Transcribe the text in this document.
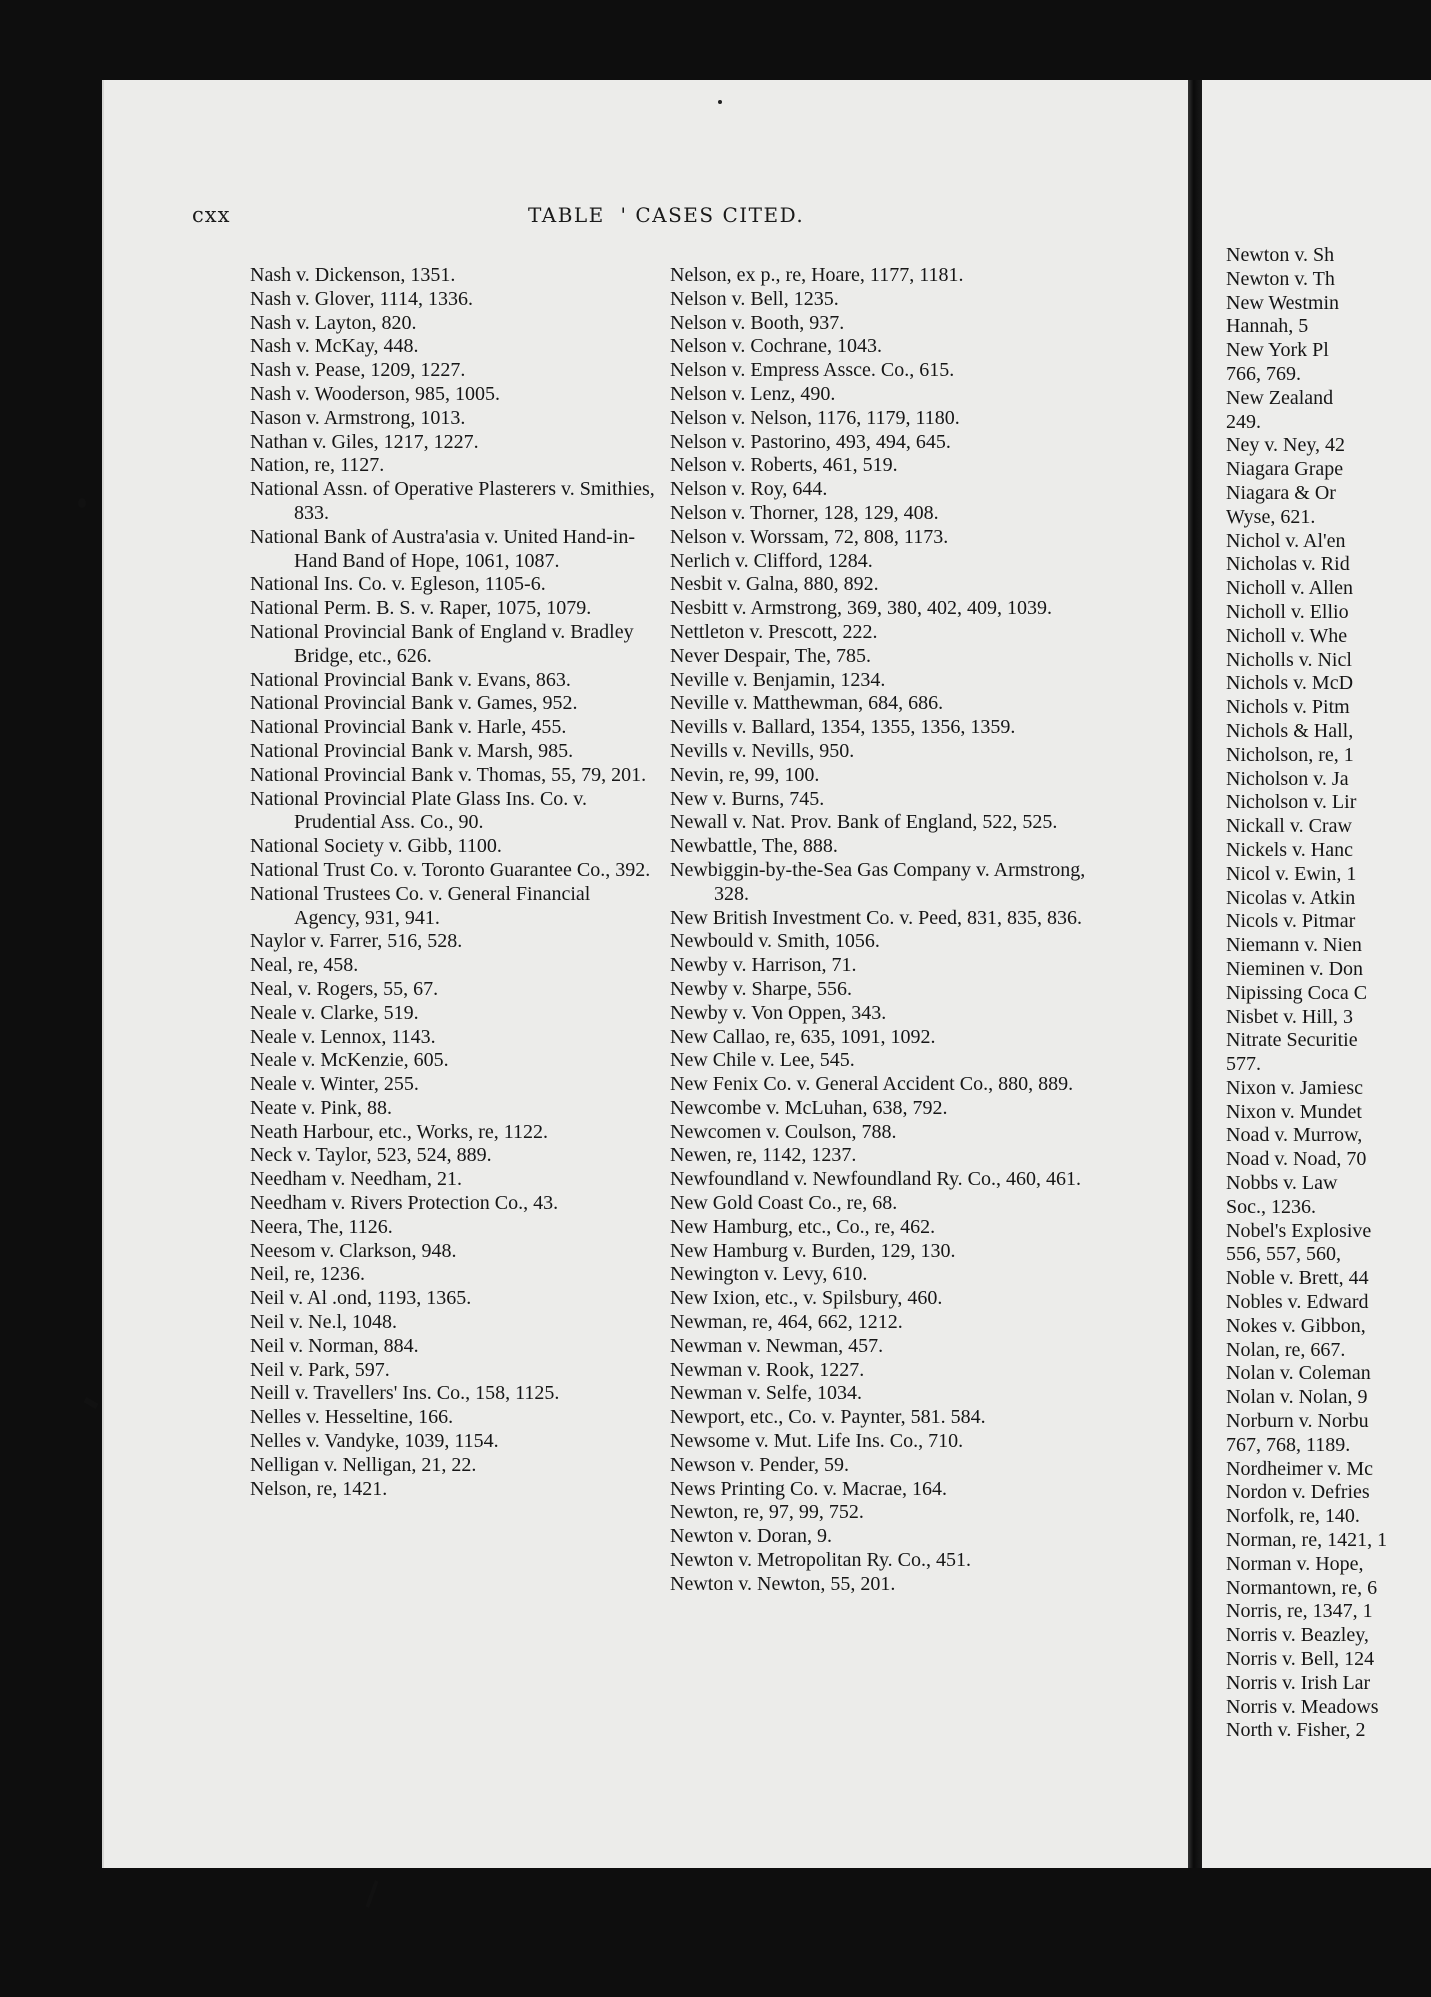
cxx	TABLE  ' CASES CITED.
Nash v. Dickenson, 1351.
Nash v. Glover, 1114, 1336.
Nash v. Layton, 820.
Nash v. McKay, 448.
Nash v. Pease, 1209, 1227.
Nash v. Wooderson, 985, 1005.
Nason v. Armstrong, 1013.
Nathan v. Giles, 1217, 1227.
Nation, re, 1127.
National Assn. of Operative Plasterers v. Smithies, 833.
National Bank of Austra'asia v. United Hand-in-Hand Band of Hope, 1061, 1087.
National Ins. Co. v. Egleson, 1105-6.
National Perm. B. S. v. Raper, 1075, 1079.
National Provincial Bank of England v. Bradley Bridge, etc., 626.
National Provincial Bank v. Evans, 863.
National Provincial Bank v. Games, 952.
National Provincial Bank v. Harle, 455.
National Provincial Bank v. Marsh, 985.
National Provincial Bank v. Thomas, 55, 79, 201.
National Provincial Plate Glass Ins. Co. v. Prudential Ass. Co., 90.
National Society v. Gibb, 1100.
National Trust Co. v. Toronto Guarantee Co., 392.
National Trustees Co. v. General Financial Agency, 931, 941.
Naylor v. Farrer, 516, 528.
Neal, re, 458.
Neal, v. Rogers, 55, 67.
Neale v. Clarke, 519.
Neale v. Lennox, 1143.
Neale v. McKenzie, 605.
Neale v. Winter, 255.
Neate v. Pink, 88.
Neath Harbour, etc., Works, re, 1122.
Neck v. Taylor, 523, 524, 889.
Needham v. Needham, 21.
Needham v. Rivers Protection Co., 43.
Neera, The, 1126.
Neesom v. Clarkson, 948.
Neil, re, 1236.
Neil v. Al .ond, 1193, 1365.
Neil v. Ne.l, 1048.
Neil v. Norman, 884.
Neil v. Park, 597.
Neill v. Travellers' Ins. Co., 158, 1125.
Nelles v. Hesseltine, 166.
Nelles v. Vandyke, 1039, 1154.
Nelligan v. Nelligan, 21, 22.
Nelson, re, 1421.
Nelson, ex p., re, Hoare, 1177, 1181.
Nelson v. Bell, 1235.
Nelson v. Booth, 937.
Nelson v. Cochrane, 1043.
Nelson v. Empress Assce. Co., 615.
Nelson v. Lenz, 490.
Nelson v. Nelson, 1176, 1179, 1180.
Nelson v. Pastorino, 493, 494, 645.
Nelson v. Roberts, 461, 519.
Nelson v. Roy, 644.
Nelson v. Thorner, 128, 129, 408.
Nelson v. Worssam, 72, 808, 1173.
Nerlich v. Clifford, 1284.
Nesbit v. Galna, 880, 892.
Nesbitt v. Armstrong, 369, 380, 402, 409, 1039.
Nettleton v. Prescott, 222.
Never Despair, The, 785.
Neville v. Benjamin, 1234.
Neville v. Matthewman, 684, 686.
Nevills v. Ballard, 1354, 1355, 1356, 1359.
Nevills v. Nevills, 950.
Nevin, re, 99, 100.
New v. Burns, 745.
Newall v. Nat. Prov. Bank of England, 522, 525.
Newbattle, The, 888.
Newbiggin-by-the-Sea Gas Company v. Armstrong, 328.
New British Investment Co. v. Peed, 831, 835, 836.
Newbould v. Smith, 1056.
Newby v. Harrison, 71.
Newby v. Sharpe, 556.
Newby v. Von Oppen, 343.
New Callao, re, 635, 1091, 1092.
New Chile v. Lee, 545.
New Fenix Co. v. General Accident Co., 880, 889.
Newcombe v. McLuhan, 638, 792.
Newcomen v. Coulson, 788.
Newen, re, 1142, 1237.
Newfoundland v. Newfoundland Ry. Co., 460, 461.
New Gold Coast Co., re, 68.
New Hamburg, etc., Co., re, 462.
New Hamburg v. Burden, 129, 130.
Newington v. Levy, 610.
New Ixion, etc., v. Spilsbury, 460.
Newman, re, 464, 662, 1212.
Newman v. Newman, 457.
Newman v. Rook, 1227.
Newman v. Selfe, 1034.
Newport, etc., Co. v. Paynter, 581. 584.
Newsome v. Mut. Life Ins. Co., 710.
Newson v. Pender, 59.
News Printing Co. v. Macrae, 164.
Newton, re, 97, 99, 752.
Newton v. Doran, 9.
Newton v. Metropolitan Ry. Co., 451.
Newton v. Newton, 55, 201.
Newton v. Sh
Newton v. Th
New Westmin
Hannah, 5
New York Pl
766, 769.
New Zealand
249.
Ney v. Ney, 42
Niagara Grape
Niagara & Or
Wyse, 621.
Nichol v. Al'en
Nicholas v. Rid
Nicholl v. Allen
Nicholl v. Ellio
Nicholl v. Whe
Nicholls v. Nicl
Nichols v. McD
Nichols v. Pitm
Nichols & Hall,
Nicholson, re, 1
Nicholson v. Ja
Nicholson v. Lir
Nickall v. Craw
Nickels v. Hanc
Nicol v. Ewin, 1
Nicolas v. Atkin
Nicols v. Pitmar
Niemann v. Nien
Nieminen v. Don
Nipissing Coca C
Nisbet v. Hill, 3
Nitrate Securitie
577.
Nixon v. Jamiesc
Nixon v. Mundet
Noad v. Murrow,
Noad v. Noad, 70
Nobbs v. Law
Soc., 1236.
Nobel's Explosive
556, 557, 560,
Noble v. Brett, 44
Nobles v. Edward
Nokes v. Gibbon,
Nolan, re, 667.
Nolan v. Coleman
Nolan v. Nolan, 9
Norburn v. Norbu
767, 768, 1189.
Nordheimer v. Mc
Nordon v. Defries
Norfolk, re, 140.
Norman, re, 1421, 1
Norman v. Hope,
Normantown, re, 6
Norris, re, 1347, 1
Norris v. Beazley,
Norris v. Bell, 124
Norris v. Irish Lar
Norris v. Meadows
North v. Fisher, 2
